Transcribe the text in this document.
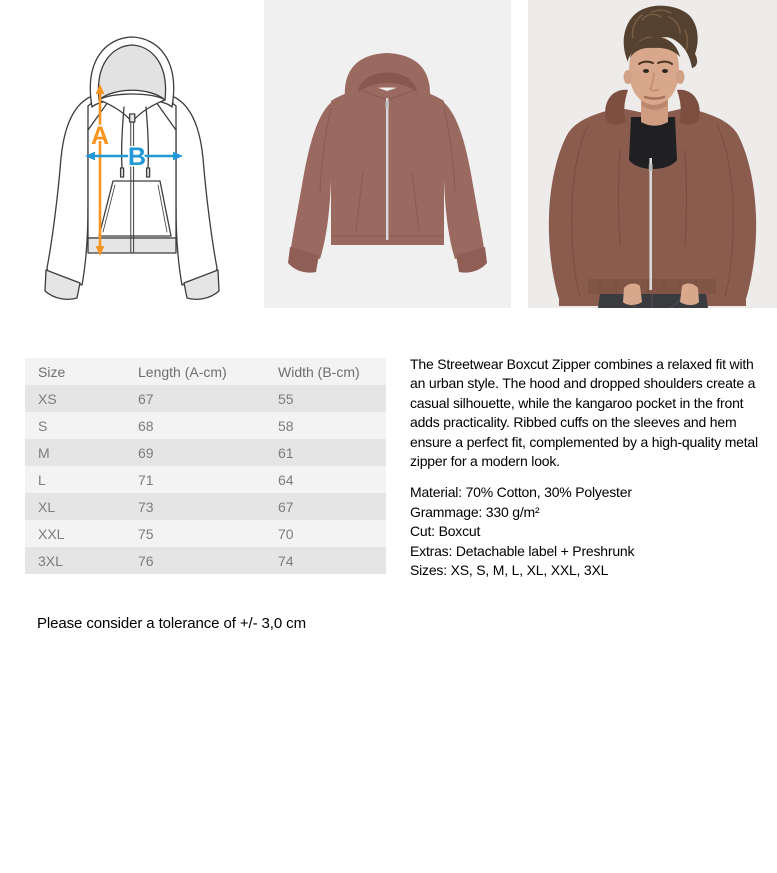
A
B
Size	Length (A-cm)	Width (B-cm)
XS	67	55
S	68	58
M	69	61
L	71	64
XL	73	67
XXL	75	70
3XL	76	74

The Streetwear Boxcut Zipper combines a relaxed fit with an urban style. The hood and dropped shoulders create a casual silhouette, while the kangaroo pocket in the front adds practicality. Ribbed cuffs on the sleeves and hem ensure a perfect fit, complemented by a high-quality metal zipper for a modern look.

Material: 70% Cotton, 30% Polyester
Grammage: 330 g/m²
Cut: Boxcut
Extras: Detachable label + Preshrunk
Sizes: XS, S, M, L, XL, XXL, 3XL

Please consider a tolerance of +/- 3,0 cm
